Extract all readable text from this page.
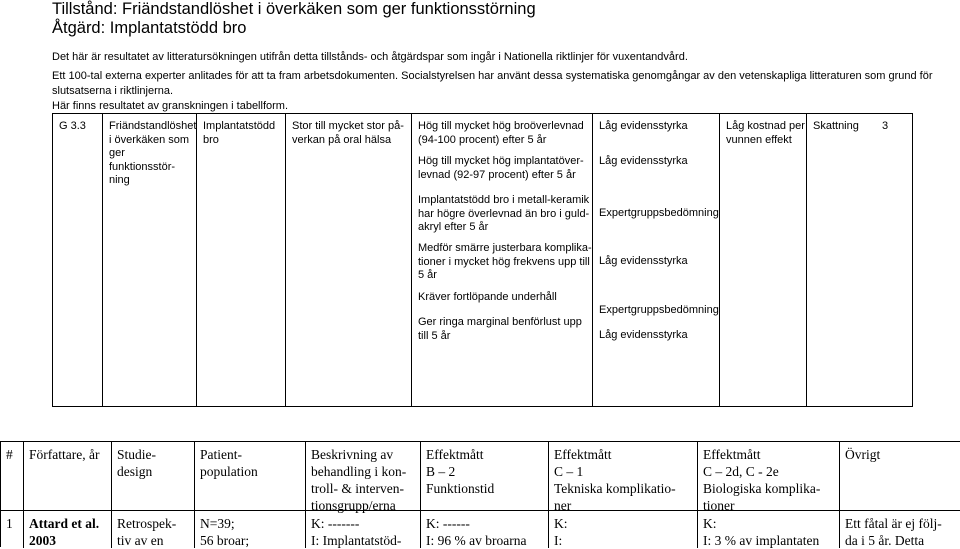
Tillstånd: Friändstandlöshet i överkäken som ger funktionsstörning
Åtgärd: Implantatstödd bro
Det här är resultatet av litteratursökningen utifrån detta tillstånds- och åtgärdspar som ingår i Nationella riktlinjer för vuxentandvård.
Ett 100-tal externa experter anlitades för att ta fram arbetsdokumenten. Socialstyrelsen har använt dessa systematiska genomgångar av den vetenskapliga litteraturen som grund för slutsatserna i riktlinjerna.
Här finns resultatet av granskningen i tabellform.
G 3.3	Friändstandlöshet
i överkäken som
ger funktionsstör-
ning
Implantatstödd
bro
Stor till mycket stor på-
verkan på oral hälsa
Hög till mycket hög broöverlevnad
(94-100 procent) efter 5 år
Hög till mycket hög implantatöver-
levnad (92-97 procent) efter 5 år
Implantatstödd bro i metall-keramik
har högre överlevnad än bro i guld-
akryl efter 5 år
Medför smärre justerbara komplika-
tioner i mycket hög frekvens upp till
5 år
Kräver fortlöpande underhåll
Ger ringa marginal benförlust upp
till 5 år
Låg evidensstyrka
Låg evidensstyrka
Expertgruppsbedömning
Låg evidensstyrka
Expertgruppsbedömning
Låg evidensstyrka
Låg kostnad per
vunnen effekt
Skattning 3
#
1
Författare, år
Attard et al.
2003
Studie-
design
Retrospek-
tiv av en
Patient-
population
N=39;
56 broar;
Beskrivning av
behandling i kon-
troll- & interven-
tionsgrupp/erna
K: -------
I: Implantatstöd-
Effektmått
B – 2
Funktionstid
K: ------
I: 96 % av broarna
Effektmått
C – 1
Tekniska komplikatio-
ner
K:
I:
Effektmått
C – 2d, C - 2e
Biologiska komplika-
tioner
K:
I: 3 % av implantaten
Övrigt
Ett fåtal är ej följ-
da i 5 år. Detta
